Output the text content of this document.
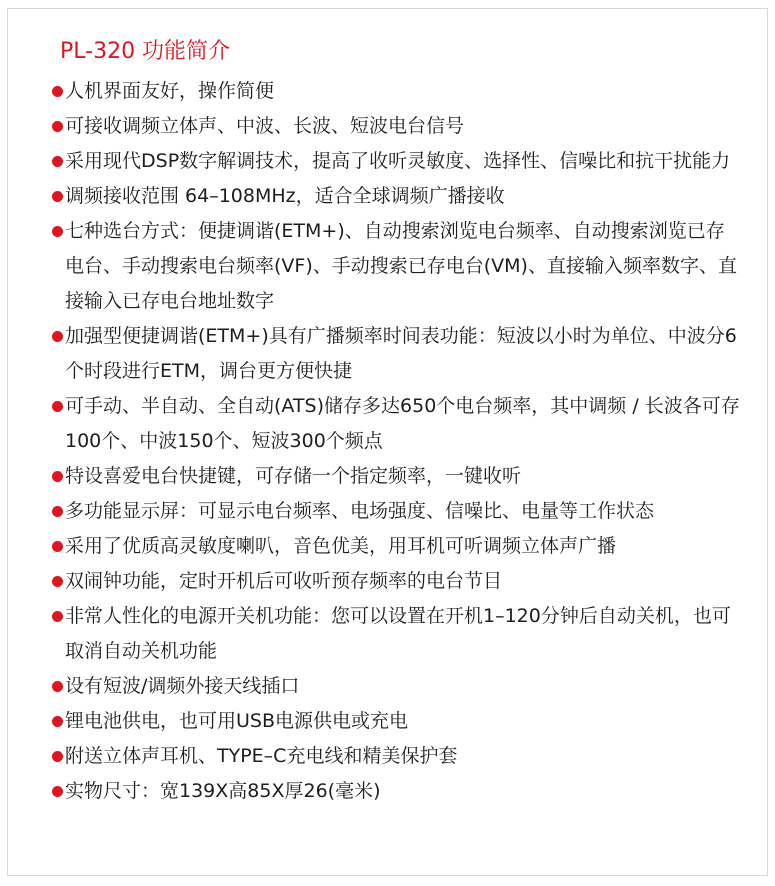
PL-320 功能简介
人机界面友好，操作简便
可接收调频立体声、中波、长波、短波电台信号
采用现代DSP数字解调技术，提高了收听灵敏度、选择性、信噪比和抗干扰能力
调频接收范围 64–108MHz，适合全球调频广播接收
七种选台方式：便捷调谐(ETM+)、自动搜索浏览电台频率、自动搜索浏览已存电台、手动搜索电台频率(VF)、手动搜索已存电台(VM)、直接输入频率数字、直接输入已存电台地址数字
加强型便捷调谐(ETM+)具有广播频率时间表功能：短波以小时为单位、中波分6个时段进行ETM，调台更方便快捷
可手动、半自动、全自动(ATS)储存多达650个电台频率，其中调频 / 长波各可存100个、中波150个、短波300个频点
特设喜爱电台快捷键，可存储一个指定频率，一键收听
多功能显示屏：可显示电台频率、电场强度、信噪比、电量等工作状态
采用了优质高灵敏度喇叭，音色优美，用耳机可听调频立体声广播
双闹钟功能，定时开机后可收听预存频率的电台节目
非常人性化的电源开关机功能：您可以设置在开机1–120分钟后自动关机，也可取消自动关机功能
设有短波/调频外接天线插口
锂电池供电，也可用USB电源供电或充电
附送立体声耳机、TYPE–C充电线和精美保护套
实物尺寸：宽139X高85X厚26(毫米)
